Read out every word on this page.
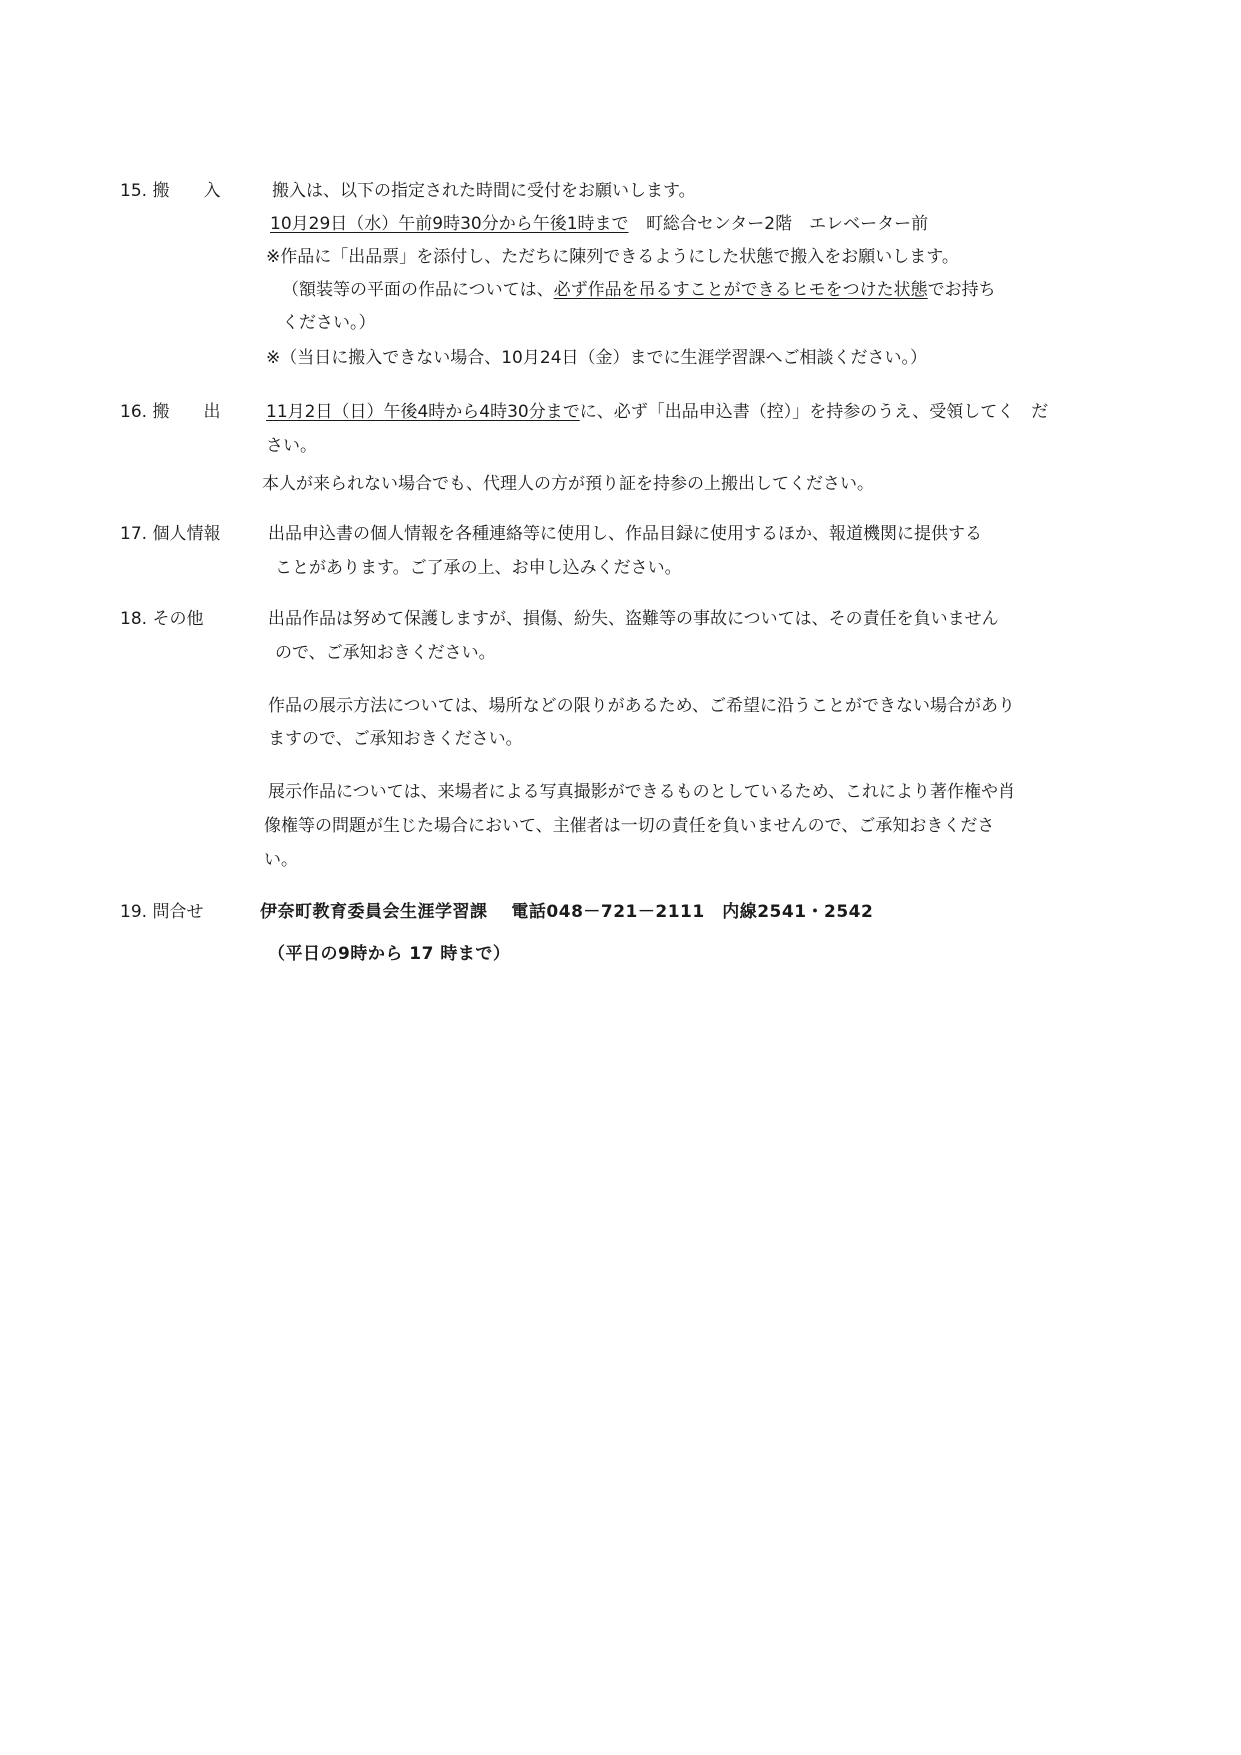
15. 搬　　入	搬入は、以下の指定された時間に受付をお願いします。
10月29日（水）午前9時30分から午後1時まで 町総合センター2階　エレベーター前
※作品に「出品票」を添付し、ただちに陳列できるようにした状態で搬入をお願いします。
（額装等の平面の作品については、必ず作品を吊るすことができるヒモをつけた状態でお持ち
ください。）
※（当日に搬入できない場合、10月24日（金）までに生涯学習課へご相談ください。）
16. 搬　　出	11月2日（日）午後4時から4時30分までに、必ず「出品申込書（控）」を持参のうえ、受領してく　だ
さい。
本人が来られない場合でも、代理人の方が預り証を持参の上搬出してください。
17. 個人情報	出品申込書の個人情報を各種連絡等に使用し、作品目録に使用するほか、報道機関に提供する
ことがあります。ご了承の上、お申し込みください。
18. その他	出品作品は努めて保護しますが、損傷、紛失、盗難等の事故については、その責任を負いません
ので、ご承知おきください。
作品の展示方法については、場所などの限りがあるため、ご希望に沿うことができない場合があり
ますので、ご承知おきください。
展示作品については、来場者による写真撮影ができるものとしているため、これにより著作権や肖
像権等の問題が生じた場合において、主催者は一切の責任を負いませんので、ご承知おきくださ
い。
19. 問合せ	伊奈町教育委員会生涯学習課　 電話048－721－2111　内線2541・2542
（平日の9時から 17 時まで）
